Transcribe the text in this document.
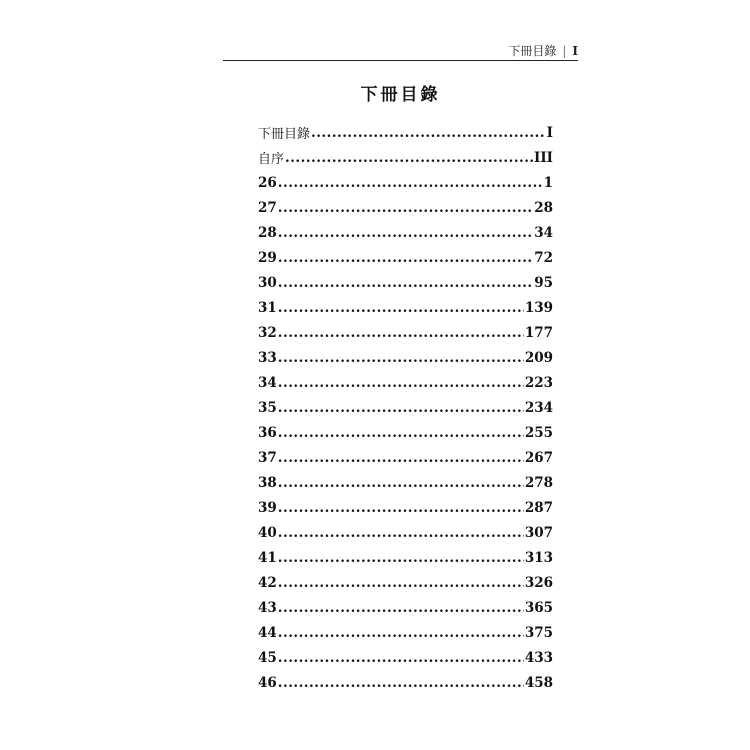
下冊目錄 | I
下冊目錄
下冊目錄 .....	I
自序 .....	III
26 .....	1
27 .....	28
28 .....	34
29 .....	72
30 .....	95
31 .....	139
32 .....	177
33 .....	209
34 .....	223
35 .....	234
36 .....	255
37 .....	267
38 .....	278
39 .....	287
40 .....	307
41 .....	313
42 .....	326
43 .....	365
44 .....	375
45 .....	433
46 .....	458
